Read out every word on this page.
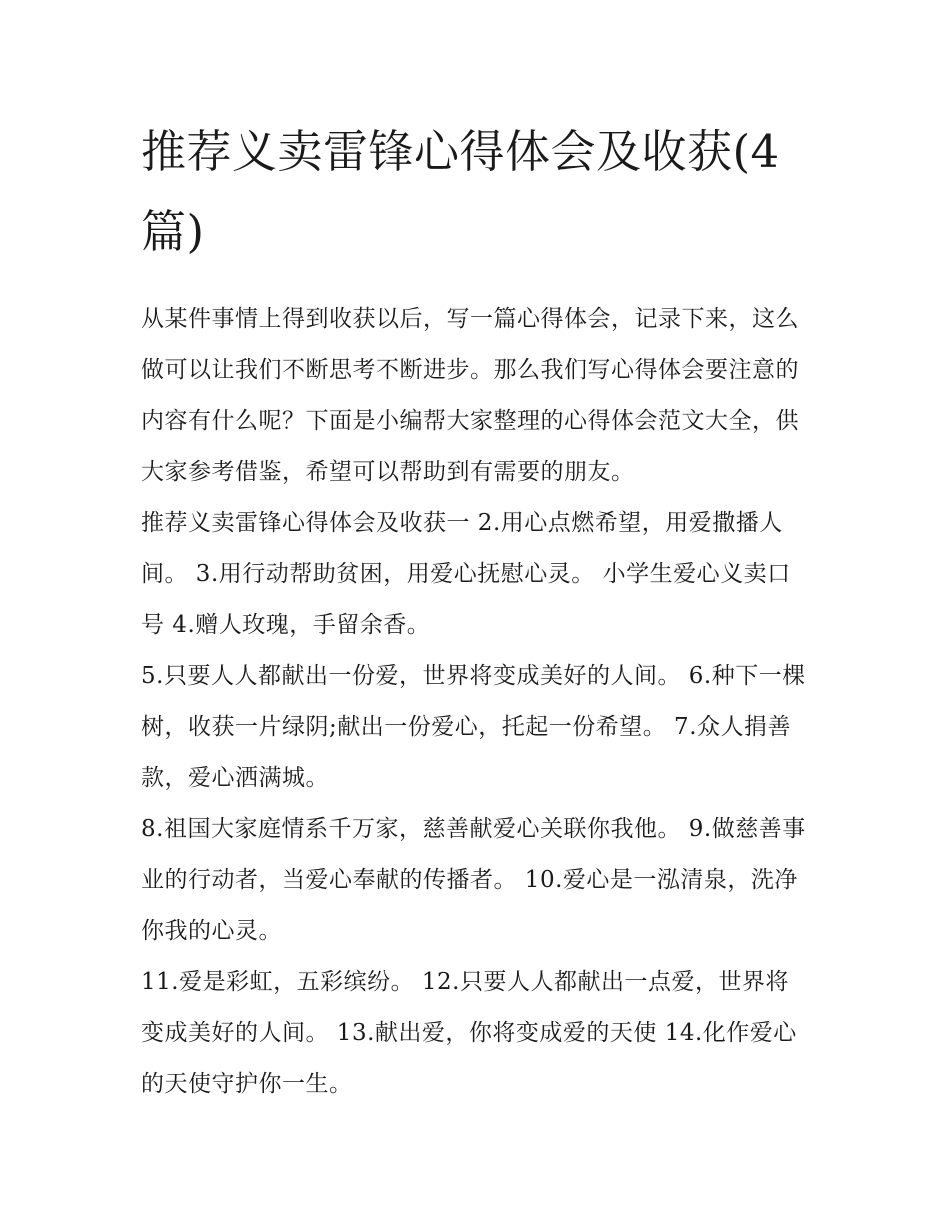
推荐义卖雷锋心得体会及收获(4篇)

从某件事情上得到收获以后，写一篇心得体会，记录下来，这么做可以让我们不断思考不断进步。那么我们写心得体会要注意的内容有什么呢？下面是小编帮大家整理的心得体会范文大全，供大家参考借鉴，希望可以帮助到有需要的朋友。

推荐义卖雷锋心得体会及收获一 2.用心点燃希望，用爱撒播人间。 3.用行动帮助贫困，用爱心抚慰心灵。 小学生爱心义卖口号 4.赠人玫瑰，手留余香。

5.只要人人都献出一份爱，世界将变成美好的人间。 6.种下一棵树，收获一片绿阴;献出一份爱心，托起一份希望。 7.众人捐善款，爱心洒满城。

8.祖国大家庭情系千万家，慈善献爱心关联你我他。 9.做慈善事业的行动者，当爱心奉献的传播者。 10.爱心是一泓清泉，洗净你我的心灵。

11.爱是彩虹，五彩缤纷。 12.只要人人都献出一点爱，世界将变成美好的人间。 13.献出爱，你将变成爱的天使 14.化作爱心的天使守护你一生。
